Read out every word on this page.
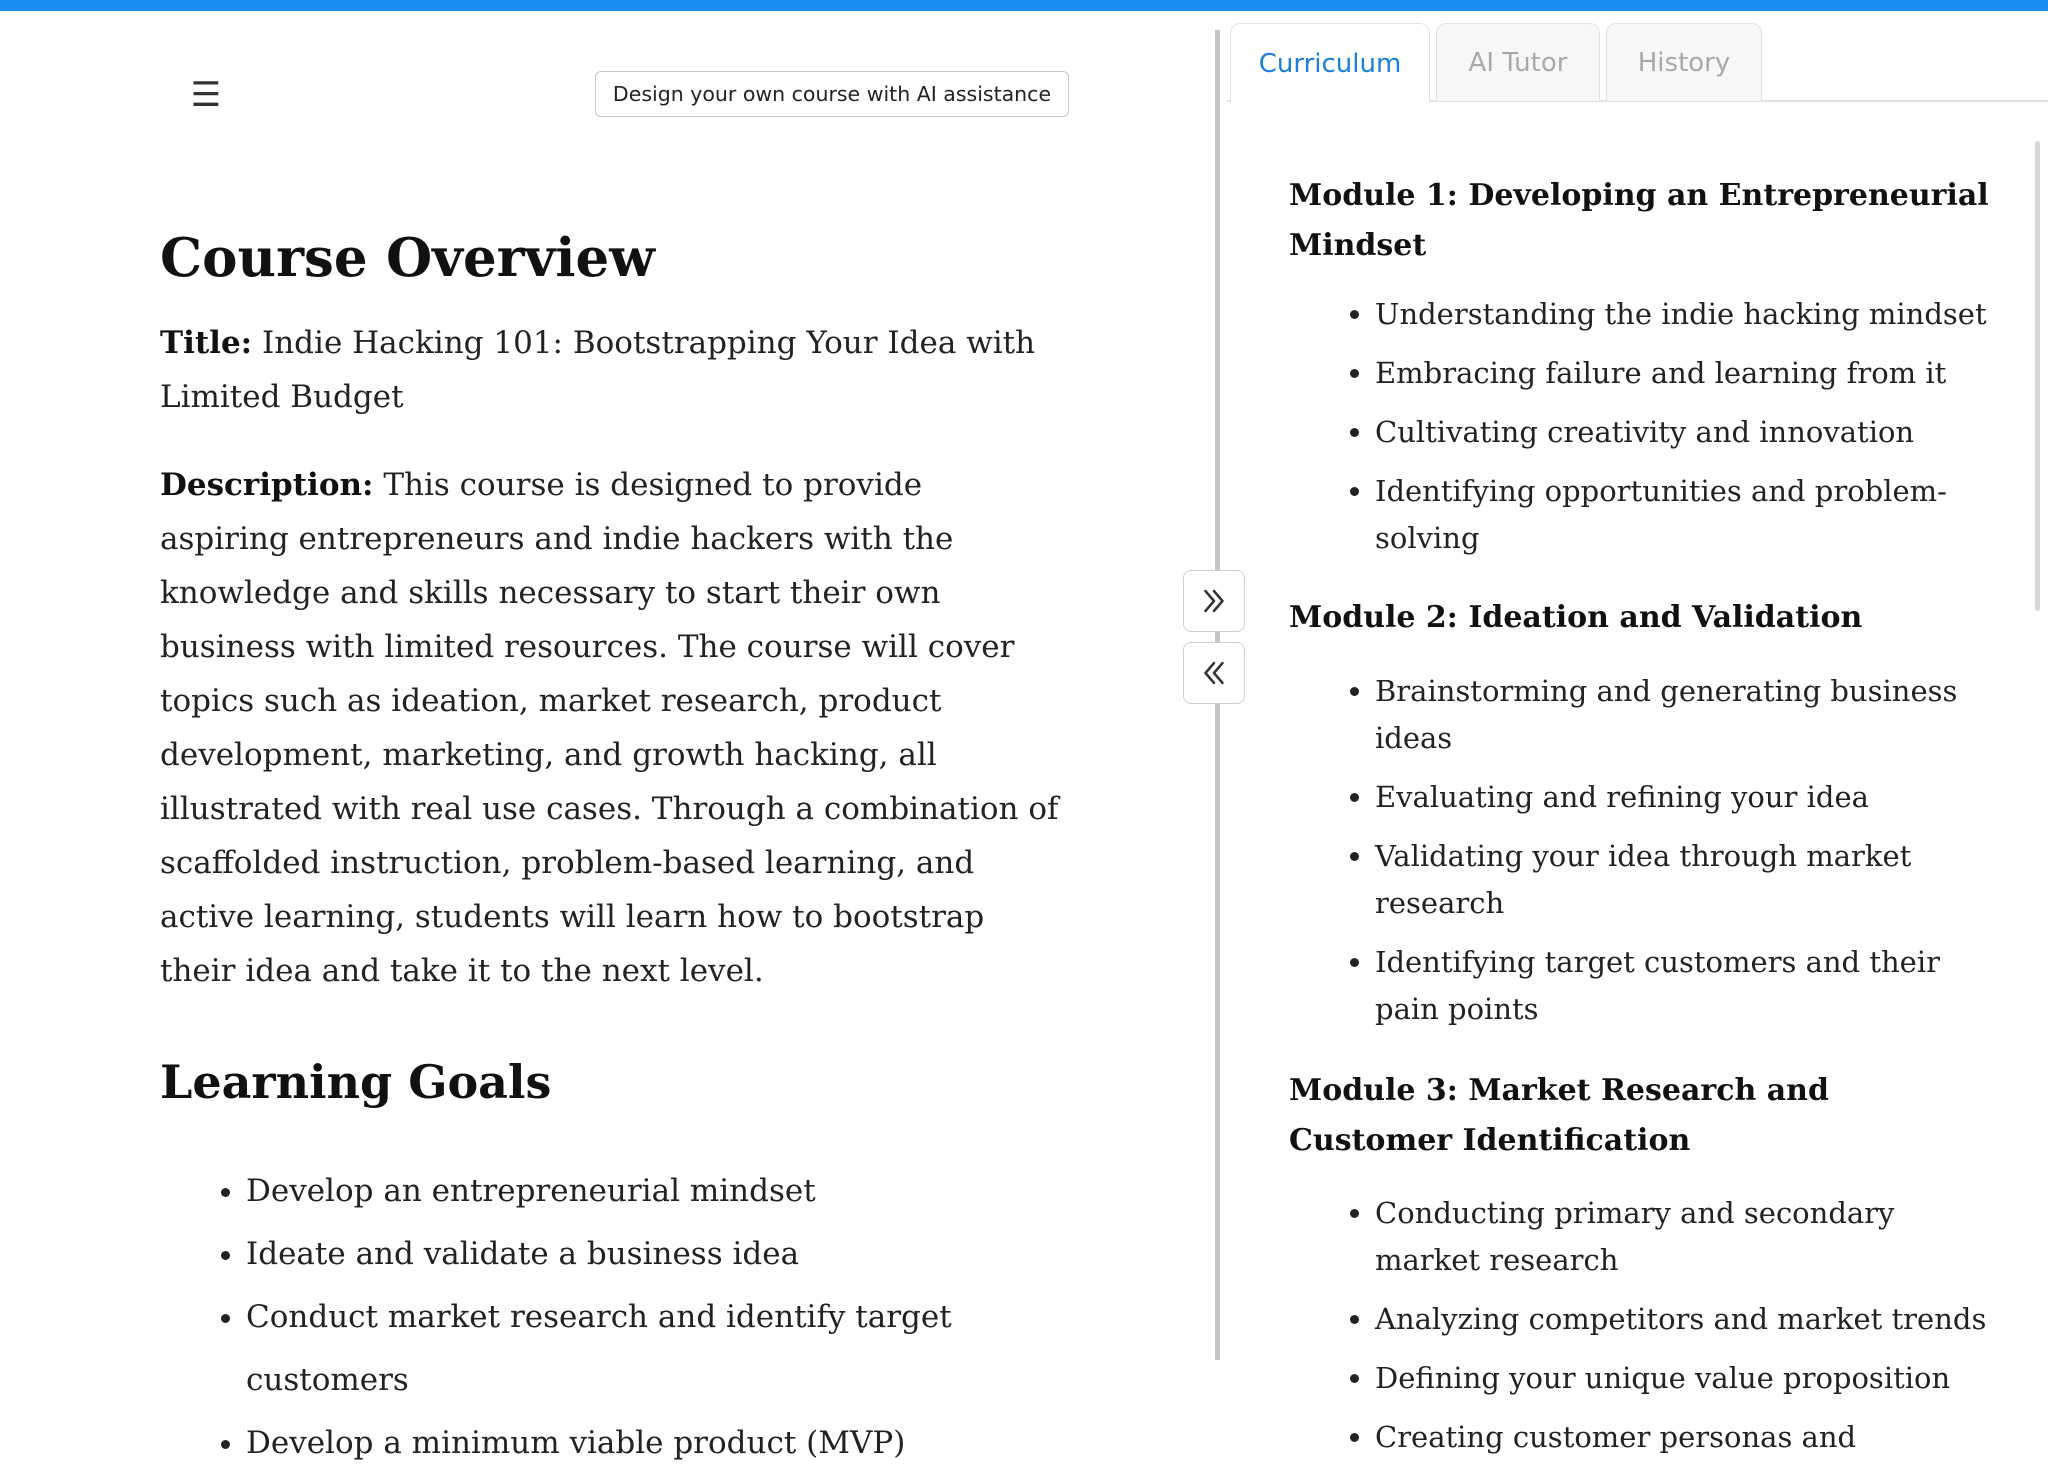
☰	Design your own course with AI assistance
Course Overview

Title: Indie Hacking 101: Bootstrapping Your Idea with Limited Budget

Description: This course is designed to provide aspiring entrepreneurs and indie hackers with the knowledge and skills necessary to start their own business with limited resources. The course will cover topics such as ideation, market research, product development, marketing, and growth hacking, all illustrated with real use cases. Through a combination of scaffolded instruction, problem-based learning, and active learning, students will learn how to bootstrap their idea and take it to the next level.

Learning Goals
• Develop an entrepreneurial mindset
• Ideate and validate a business idea
• Conduct market research and identify target customers
• Develop a minimum viable product (MVP)
Curriculum	AI Tutor	History
Module 1: Developing an Entrepreneurial Mindset
• Understanding the indie hacking mindset
• Embracing failure and learning from it
• Cultivating creativity and innovation
• Identifying opportunities and problem-solving
Module 2: Ideation and Validation
• Brainstorming and generating business ideas
• Evaluating and refining your idea
• Validating your idea through market research
• Identifying target customers and their pain points
Module 3: Market Research and Customer Identification
• Conducting primary and secondary market research
• Analyzing competitors and market trends
• Defining your unique value proposition
• Creating customer personas and
